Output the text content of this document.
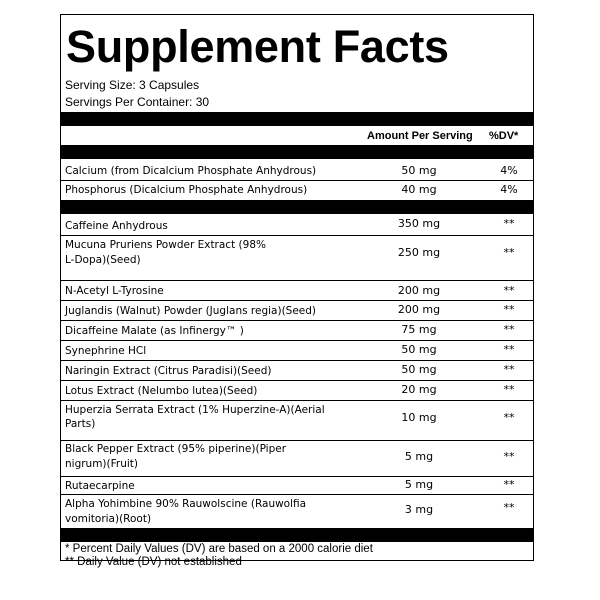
Supplement Facts
Serving Size: 3 Capsules
Servings Per Container: 30
Amount Per Serving %DV*
Calcium (from Dicalcium Phosphate Anhydrous)	50 mg	4%
Phosphorus (Dicalcium Phosphate Anhydrous)	40 mg	4%
Caffeine Anhydrous	350 mg	**
Mucuna Pruriens Powder Extract (98%
L-Dopa)(Seed)
250 mg	**
N-Acetyl L-Tyrosine	200 mg	**
Juglandis (Walnut) Powder (Juglans regia)(Seed)	200 mg	**
Dicaffeine Malate (as Infinergy™ )	75 mg	**
Synephrine HCl	50 mg	**
Naringin Extract (Citrus Paradisi)(Seed)	50 mg	**
Lotus Extract (Nelumbo lutea)(Seed)	20 mg	**
Huperzia Serrata Extract (1% Huperzine-A)(Aerial
Parts)	10 mg	**
Black Pepper Extract (95% piperine)(Piper
nigrum)(Fruit)
5 mg	**
Rutaecarpine	5 mg	**
Alpha Yohimbine 90% Rauwolscine (Rauwolfia
vomitoria)(Root)
3 mg	**
* Percent Daily Values (DV) are based on a 2000 calorie diet
** Daily Value (DV) not established
